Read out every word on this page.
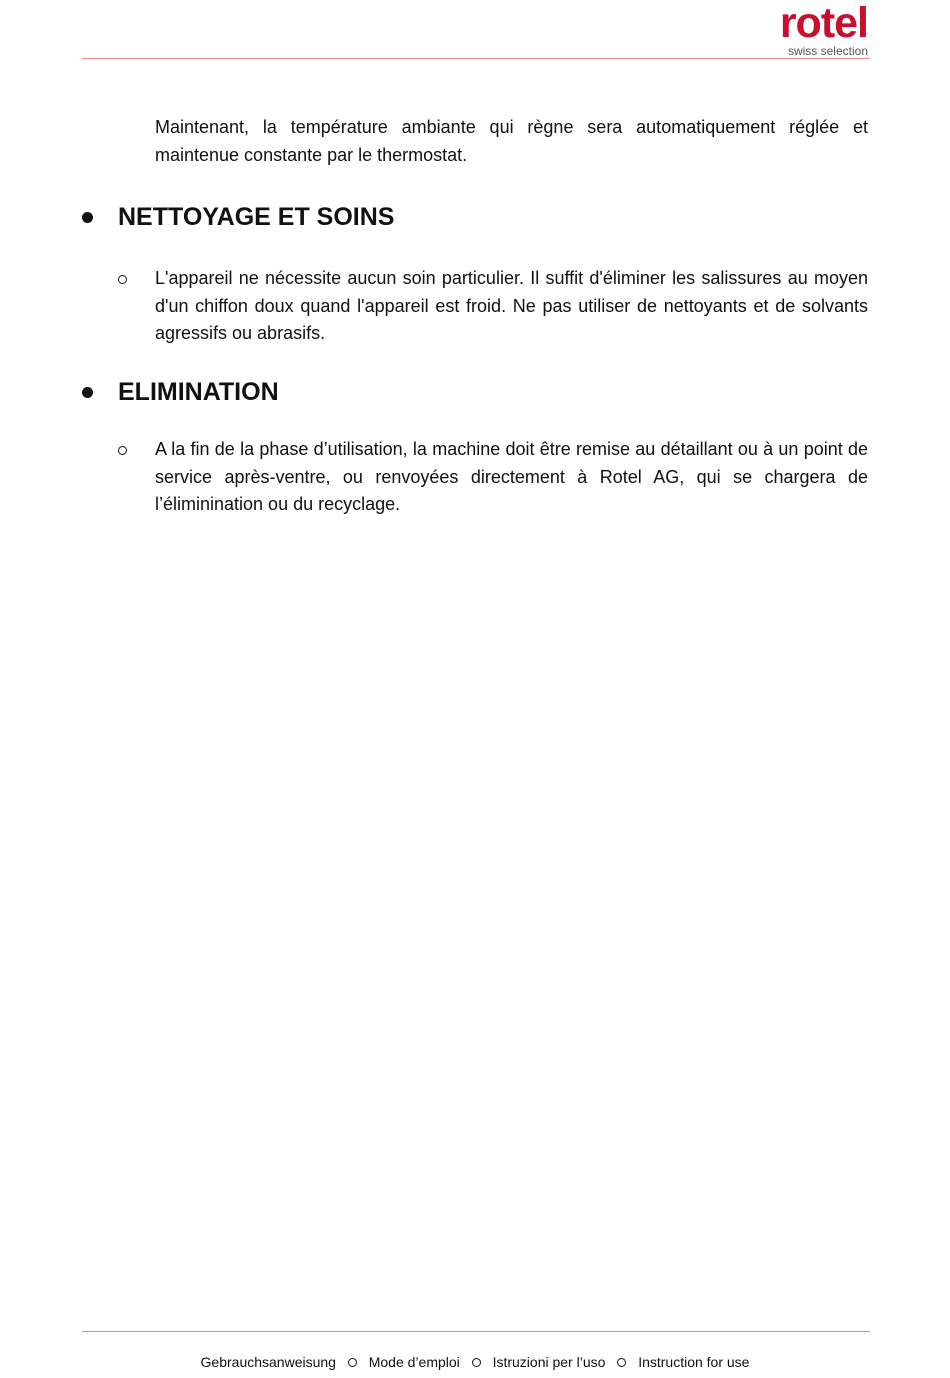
rotel
swiss selection
Maintenant, la température ambiante qui règne sera automatiquement réglée et maintenue constante par le thermostat.
NETTOYAGE ET SOINS
L'appareil ne nécessite aucun soin particulier. Il suffit d'éliminer les salissures au moyen d'un chiffon doux quand l'appareil est froid. Ne pas utiliser de nettoyants et de solvants agressifs ou abrasifs.
ELIMINATION
A la fin de la phase d’utilisation, la machine doit être remise au détaillant ou à un point de service après-ventre, ou renvoyées directement à Rotel AG, qui se chargera de l’éliminination ou du recyclage.
Gebrauchsanweisung Mode d’emploi Istruzioni per l’uso Instruction for use
